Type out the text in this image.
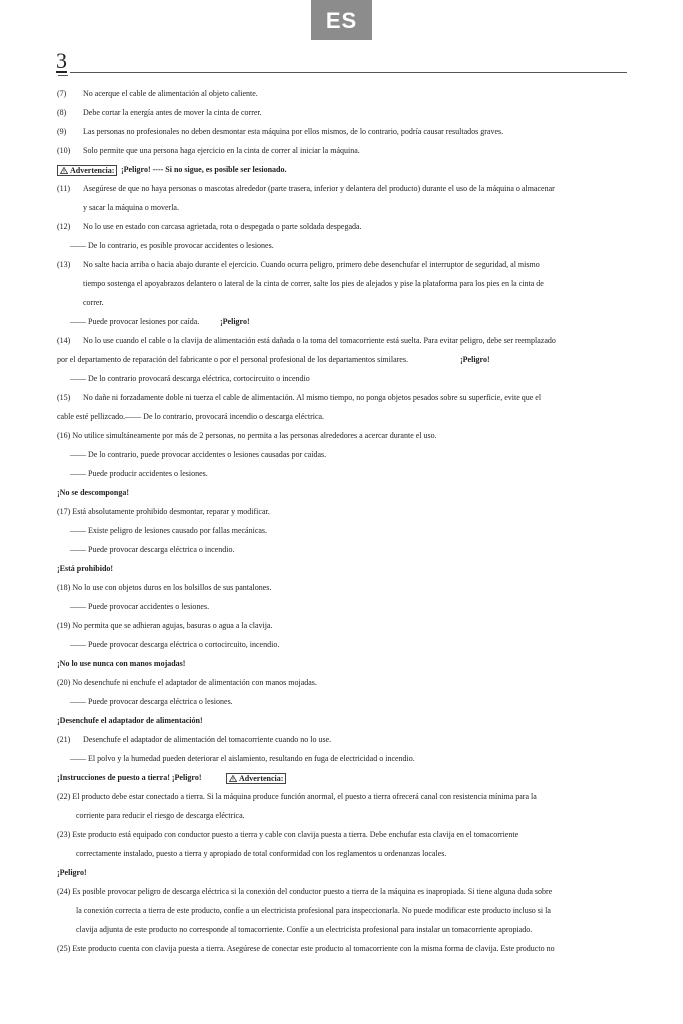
ES
3
(7) No acerque el cable de alimentación al objeto caliente.
(8) Debe cortar la energía antes de mover la cinta de correr.
(9) Las personas no profesionales no deben desmontar esta máquina por ellos mismos, de lo contrario, podría causar resultados graves.
(10) Solo permite que una persona haga ejercicio en la cinta de correr al iniciar la máquina.
Advertencia: ¡Peligro! ---- Si no sigue, es posible ser lesionado.
(11) Asegúrese de que no haya personas o mascotas alrededor (parte trasera, inferior y delantera del producto) durante el uso de la máquina o almacenar
y sacar la máquina o moverla.
(12) No lo use en estado con carcasa agrietada, rota o despegada o parte soldada despegada.
—— De lo contrario, es posible provocar accidentes o lesiones.
(13) No salte hacia arriba o hacia abajo durante el ejercicio. Cuando ocurra peligro, primero debe desenchufar el interruptor de seguridad, al mismo
tiempo sostenga el apoyabrazos delantero o lateral de la cinta de correr, salte los pies de alejados y pise la plataforma para los pies en la cinta de
correr.
—— Puede provocar lesiones por caída.	¡Peligro!
(14) No lo use cuando el cable o la clavija de alimentación está dañada o la toma del tomacorriente está suelta. Para evitar peligro, debe ser reemplazado
por el departamento de reparación del fabricante o por el personal profesional de los departamentos similares.	¡Peligro!
—— De lo contrario provocará descarga eléctrica, cortocircuito o incendio
(15) No dañe ni forzadamente doble ni tuerza el cable de alimentación. Al mismo tiempo, no ponga objetos pesados sobre su superficie, evite que el
cable esté pellizcado.—— De lo contrario, provocará incendio o descarga eléctrica.
(16) No utilice simultáneamente por más de 2 personas, no permita a las personas alrededores a acercar durante el uso.
—— De lo contrario, puede provocar accidentes o lesiones causadas por caídas.
—— Puede producir accidentes o lesiones.
¡No se descomponga!
(17) Está absolutamente prohibido desmontar, reparar y modificar.
—— Existe peligro de lesiones causado por fallas mecánicas.
—— Puede provocar descarga eléctrica o incendio.
¡Está prohibido!
(18) No lo use con objetos duros en los bolsillos de sus pantalones.
—— Puede provocar accidentes o lesiones.
(19) No permita que se adhieran agujas, basuras o agua a la clavija.
—— Puede provocar descarga eléctrica o cortocircuito, incendio.
¡No lo use nunca con manos mojadas!
(20) No desenchufe ni enchufe el adaptador de alimentación con manos mojadas.
—— Puede provocar descarga eléctrica o lesiones.
¡Desenchufe el adaptador de alimentación!
(21) Desenchufe el adaptador de alimentación del tomacorriente cuando no lo use.
—— El polvo y la humedad pueden deteriorar el aislamiento, resultando en fuga de electricidad o incendio.
¡Instrucciones de puesto a tierra! ¡Peligro!	Advertencia:
(22) El producto debe estar conectado a tierra. Si la máquina produce función anormal, el puesto a tierra ofrecerá canal con resistencia mínima para la
corriente para reducir el riesgo de descarga eléctrica.
(23) Este producto está equipado con conductor puesto a tierra y cable con clavija puesta a tierra. Debe enchufar esta clavija en el tomacorriente
correctamente instalado, puesto a tierra y apropiado de total conformidad con los reglamentos u ordenanzas locales.
¡Peligro!
(24) Es posible provocar peligro de descarga eléctrica si la conexión del conductor puesto a tierra de la máquina es inapropiada. Si tiene alguna duda sobre
la conexión correcta a tierra de este producto, confíe a un electricista profesional para inspeccionarla. No puede modificar este producto incluso si la
clavija adjunta de este producto no corresponde al tomacorriente. Confíe a un electricista profesional para instalar un tomacorriente apropiado.
(25) Este producto cuenta con clavija puesta a tierra. Asegúrese de conectar este producto al tomacorriente con la misma forma de clavija. Este producto no
